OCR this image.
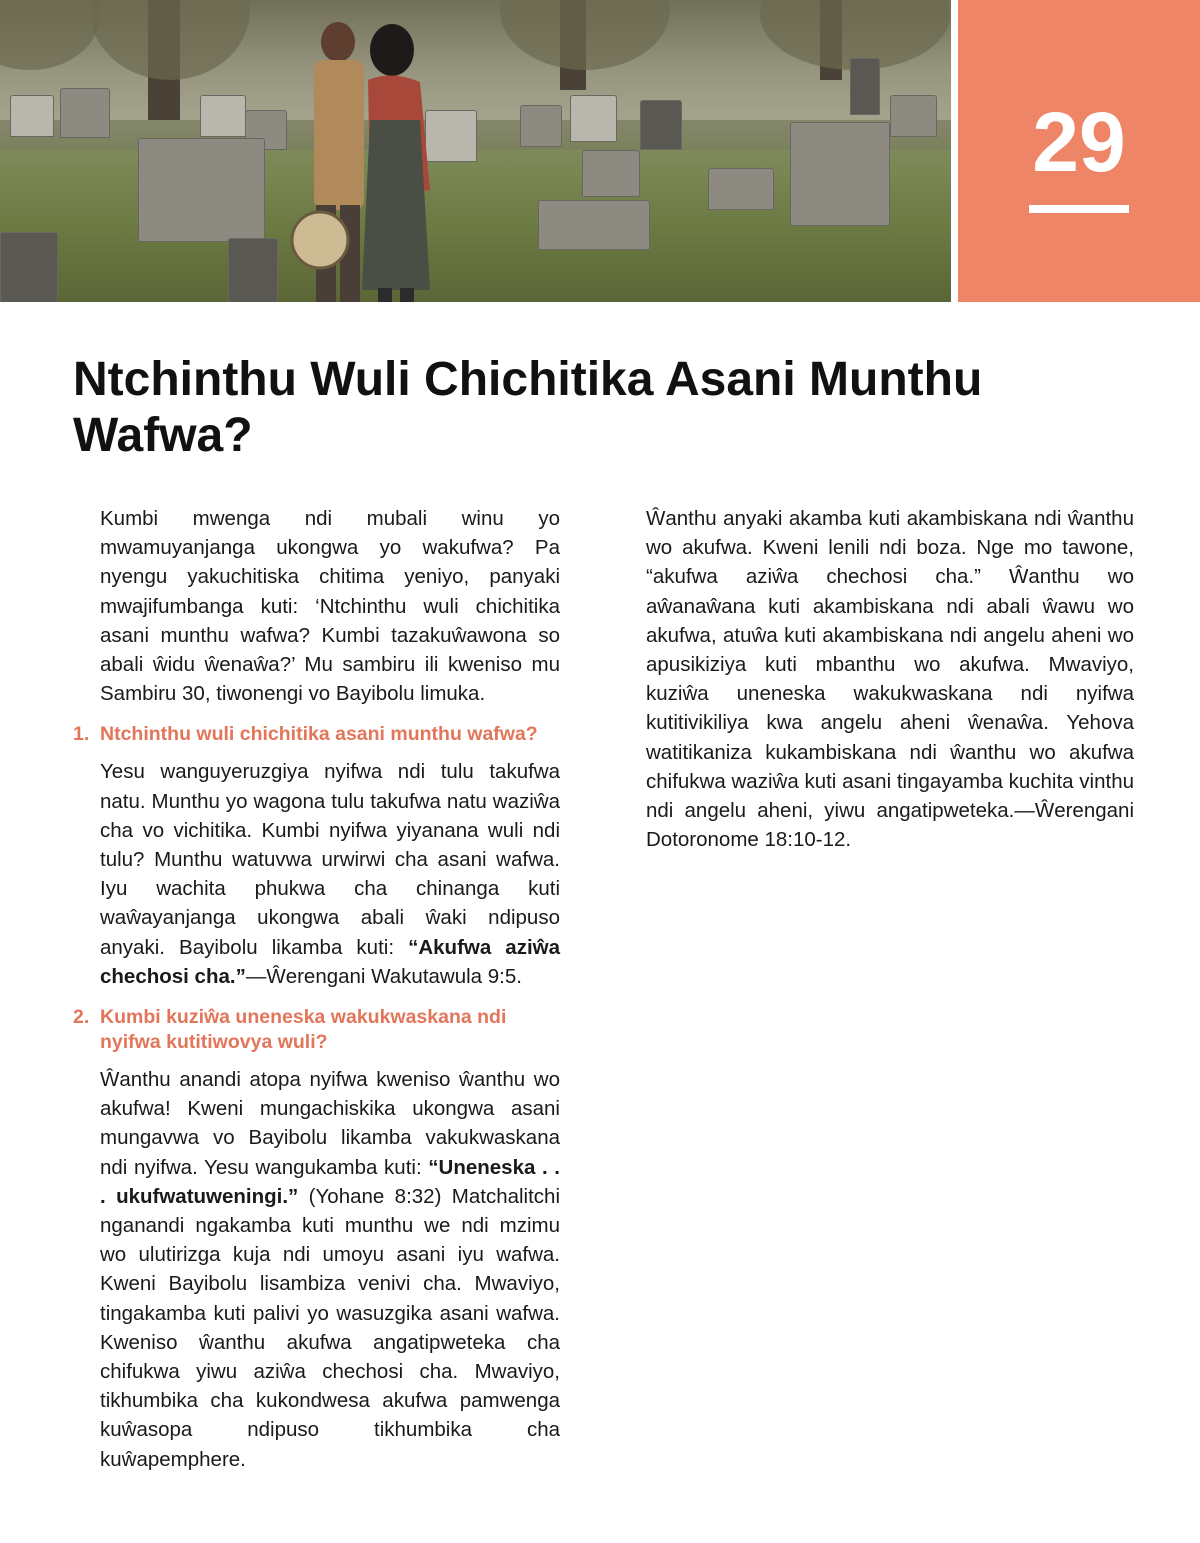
29
Ntchinthu Wuli Chichitika Asani Munthu Wafwa?

Kumbi mwenga ndi mubali winu yo mwamuyanjanga ukongwa yo wakufwa? Pa nyengu yakuchitiska chitima yeniyo, panyaki mwajifumbanga kuti: ‘Ntchinthu wuli chichitika asani munthu wafwa? Kumbi tazakuŵawona so abali ŵidu ŵenaŵa?’ Mu sambiru ili kweniso mu Sambiru 30, tiwonengi vo Bayibolu limuka.

1. Ntchinthu wuli chichitika asani munthu wafwa?

Yesu wanguyeruzgiya nyifwa ndi tulu takufwa natu. Munthu yo wagona tulu takufwa natu waziŵa cha vo vichitika. Kumbi nyifwa yiyanana wuli ndi tulu? Munthu watuvwa urwirwi cha asani wafwa. Iyu wachita phukwa cha chinanga kuti waŵayanjanga ukongwa abali ŵaki ndipuso anyaki. Bayibolu likamba kuti: “Akufwa aziŵa chechosi cha.”—Ŵerengani Wakutawula 9:5.

2. Kumbi kuziŵa uneneska wakukwaskana ndi nyifwa kutitiwovya wuli?

Ŵanthu anandi atopa nyifwa kweniso ŵanthu wo akufwa! Kweni mungachiskika ukongwa asani mungavwa vo Bayibolu likamba vakukwaskana ndi nyifwa. Yesu wangukamba kuti: “Uneneska . . . ukufwatuweningi.” (Yohane 8:32) Matchalitchi nganandi ngakamba kuti munthu we ndi mzimu wo ulutirizga kuja ndi umoyu asani iyu wafwa. Kweni Bayibolu lisambiza venivi cha. Mwaviyo, tingakamba kuti palivi yo wasuzgika asani wafwa. Kweniso ŵanthu akufwa angatipweteka cha chifukwa yiwu aziŵa chechosi cha. Mwaviyo, tikhumbika cha kukondwesa akufwa pamwenga kuŵasopa ndipuso tikhumbika cha kuŵapemphere.

Ŵanthu anyaki akamba kuti akambiskana ndi ŵanthu wo akufwa. Kweni lenili ndi boza. Nge mo tawone, “akufwa aziŵa chechosi cha.” Ŵanthu wo aŵanaŵana kuti akambiskana ndi abali ŵawu wo akufwa, atuŵa kuti akambiskana ndi angelu aheni wo apusikiziya kuti mbanthu wo akufwa. Mwaviyo, kuziŵa uneneska wakukwaskana ndi nyifwa kutitivikiliya kwa angelu aheni ŵenaŵa. Yehova watitikaniza kukambiskana ndi ŵanthu wo akufwa chifukwa waziŵa kuti asani tingayamba kuchita vinthu ndi angelu aheni, yiwu angatipweteka.—Ŵerengani Dotoronome 18:10-12.
